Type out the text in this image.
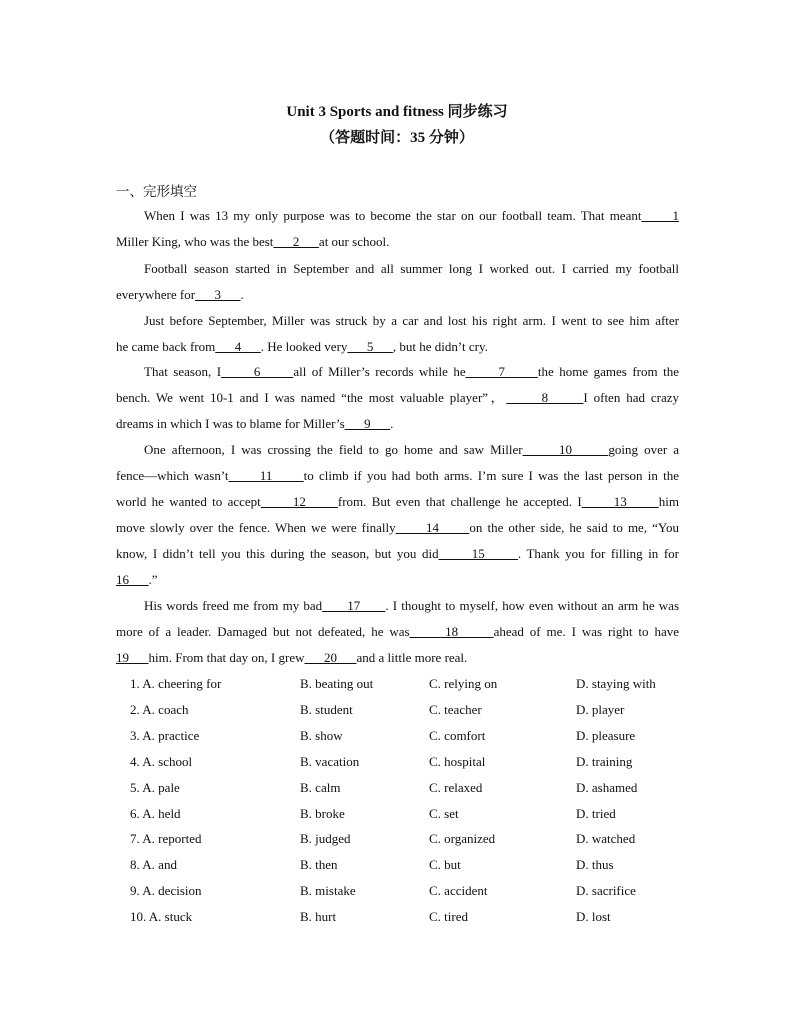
Unit 3 Sports and fitness 同步练习
（答题时间：35 分钟）
一、完形填空
When I was 13 my only purpose was to become the star on our football team. That meant      1
Miller King, who was the best      2      at our school.
Football season started in September and all summer long I worked out. I carried my football
everywhere for      3      .
Just before September, Miller was struck by a car and lost his right arm. I went to see him after
he came back from      4      . He looked very      5      , but he didn’t cry.
That season, I      6      all of Miller’s records while he      7      the home games from the
bench. We went 10-1 and I was named “the most valuable player”，      8      I often had crazy
dreams in which I was to blame for Miller’s      9      .
One afternoon, I was crossing the field to go home and saw Miller      10      going over a
fence—which wasn’t      11      to climb if you had both arms. I’m sure I was the last person in the
world he wanted to accept      12      from. But even that challenge he accepted. I      13      him
move slowly over the fence. When we were finally      14      on the other side, he said to me, “You
know, I didn’t tell you this during the season, but you did      15      . Thank you for filling in for
16      .”
His words freed me from my bad      17      . I thought to myself, how even without an arm he was
more of a leader. Damaged but not defeated, he was      18      ahead of me. I was right to have
19      him. From that day on, I grew      20      and a little more real.
1. A. cheering for	B. beating out	C. relying on	D. staying with
2. A. coach	B. student	C. teacher	D. player
3. A. practice	B. show	C. comfort	D. pleasure
4. A. school	B. vacation	C. hospital	D. training
5. A. pale	B. calm	C. relaxed	D. ashamed
6. A. held	B. broke	C. set	D. tried
7. A. reported	B. judged	C. organized	D. watched
8. A. and	B. then	C. but	D. thus
9. A. decision	B. mistake	C. accident	D. sacrifice
10. A. stuck	B. hurt	C. tired	D. lost
